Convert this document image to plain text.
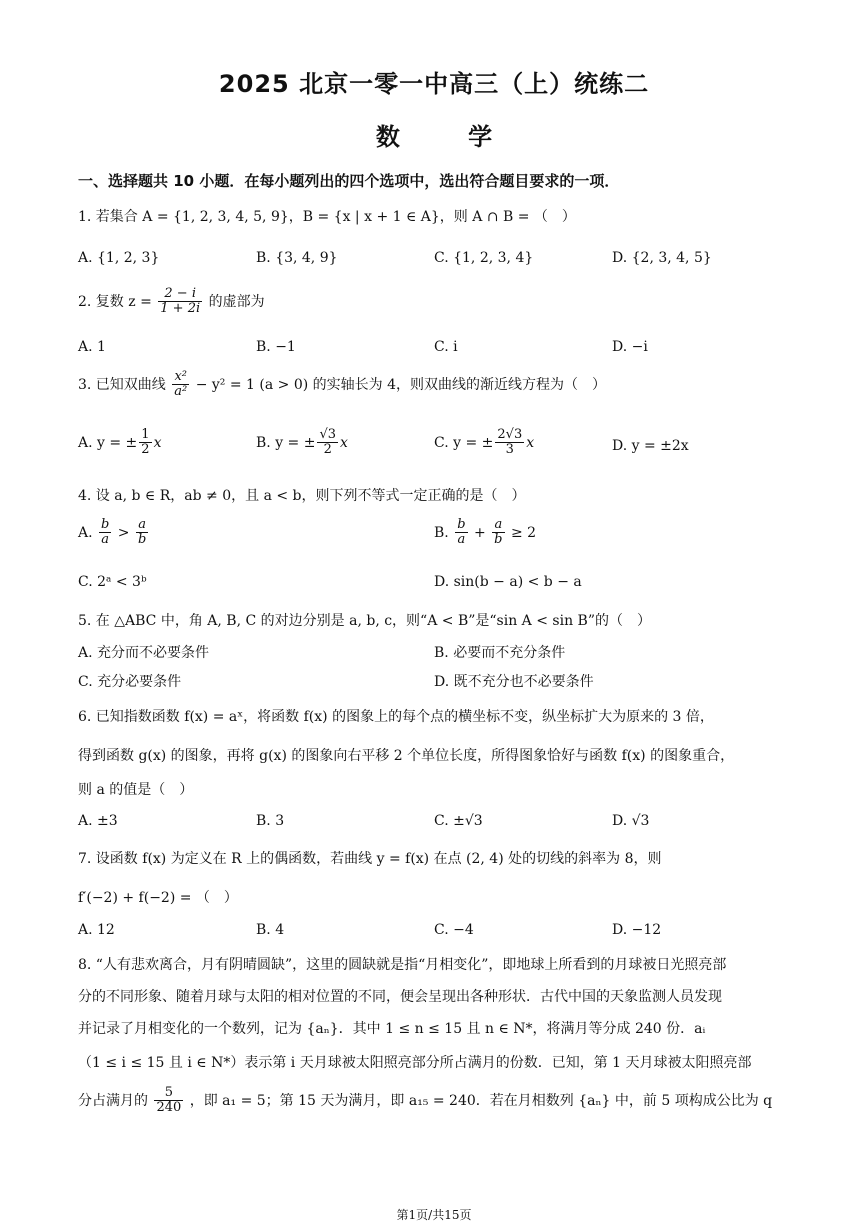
2025 北京一零一中高三（上）统练二
数 学
一、选择题共 10 小题．在每小题列出的四个选项中，选出符合题目要求的一项．
1. 若集合 A = {1, 2, 3, 4, 5, 9}，B = {x | x + 1 ∈ A}，则 A ∩ B = （　）
A. {1, 2, 3}	B. {3, 4, 9}	C. {1, 2, 3, 4}	D. {2, 3, 4, 5}
2. 复数 $z = \frac{2 - i}{1 + 2i}$ 的虚部为
A. 1	B. −1	C. i	D. −i
3. 已知双曲线 $\frac{\text{x²}}{\text{a²}} - y^2 = 1$ (a > 0) 的实轴长为 4，则双曲线的渐近线方程为（　）
A. y = ± $\frac{1}{2}$ x	B. y = ± $\frac{√3}{2}$ x	C. y = ± $\frac{2√3}{3}$ x	D. y = ±2x
4. 设 a, b ∈ R，ab ≠ 0，且 a < b，则下列不等式一定正确的是（　）
A. $\frac{b}{a} > \frac{a}{b}$	B. $\frac{b}{a} + \frac{a}{b} \ge 2$
C. 2ᵃ < 3ᵇ	D. sin(b − a) < b − a
5. 在 △ABC 中，角 A, B, C 的对边分别是 a, b, c，则“A < B”是“sin A < sin B”的（　）
A. 充分而不必要条件	B. 必要而不充分条件
C. 充分必要条件	D. 既不充分也不必要条件
6. 已知指数函数 f(x) = aˣ，将函数 f(x) 的图象上的每个点的横坐标不变，纵坐标扩大为原来的 3 倍，
得到函数 g(x) 的图象，再将 g(x) 的图象向右平移 2 个单位长度，所得图象恰好与函数 f(x) 的图象重合，
则 a 的值是（　）
A. ±3	B. 3	C. ±√3	D. √3
7. 设函数 f(x) 为定义在 R 上的偶函数，若曲线 y = f(x) 在点 (2, 4) 处的切线的斜率为 8，则
f′(−2) + f(−2) = （　）
A. 12	B. 4	C. −4	D. −12
8. “人有悲欢离合，月有阴晴圆缺”，这里的圆缺就是指“月相变化”，即地球上所看到的月球被日光照亮部
分的不同形象、随着月球与太阳的相对位置的不同，便会呈现出各种形状．古代中国的天象监测人员发现
并记录了月相变化的一个数列，记为 {aₙ}．其中 1 ≤ n ≤ 15 且 n ∈ N*，将满月等分成 240 份．aᵢ
（1 ≤ i ≤ 15 且 i ∈ N*）表示第 i 天月球被太阳照亮部分所占满月的份数．已知，第 1 天月球被太阳照亮部
分占满月的 $\frac{5}{240}$ ，即 a₁ = 5；第 15 天为满月，即 a₁₅ = 240．若在月相数列 {aₙ} 中，前 5 项构成公比为 q
第1页/共15页
